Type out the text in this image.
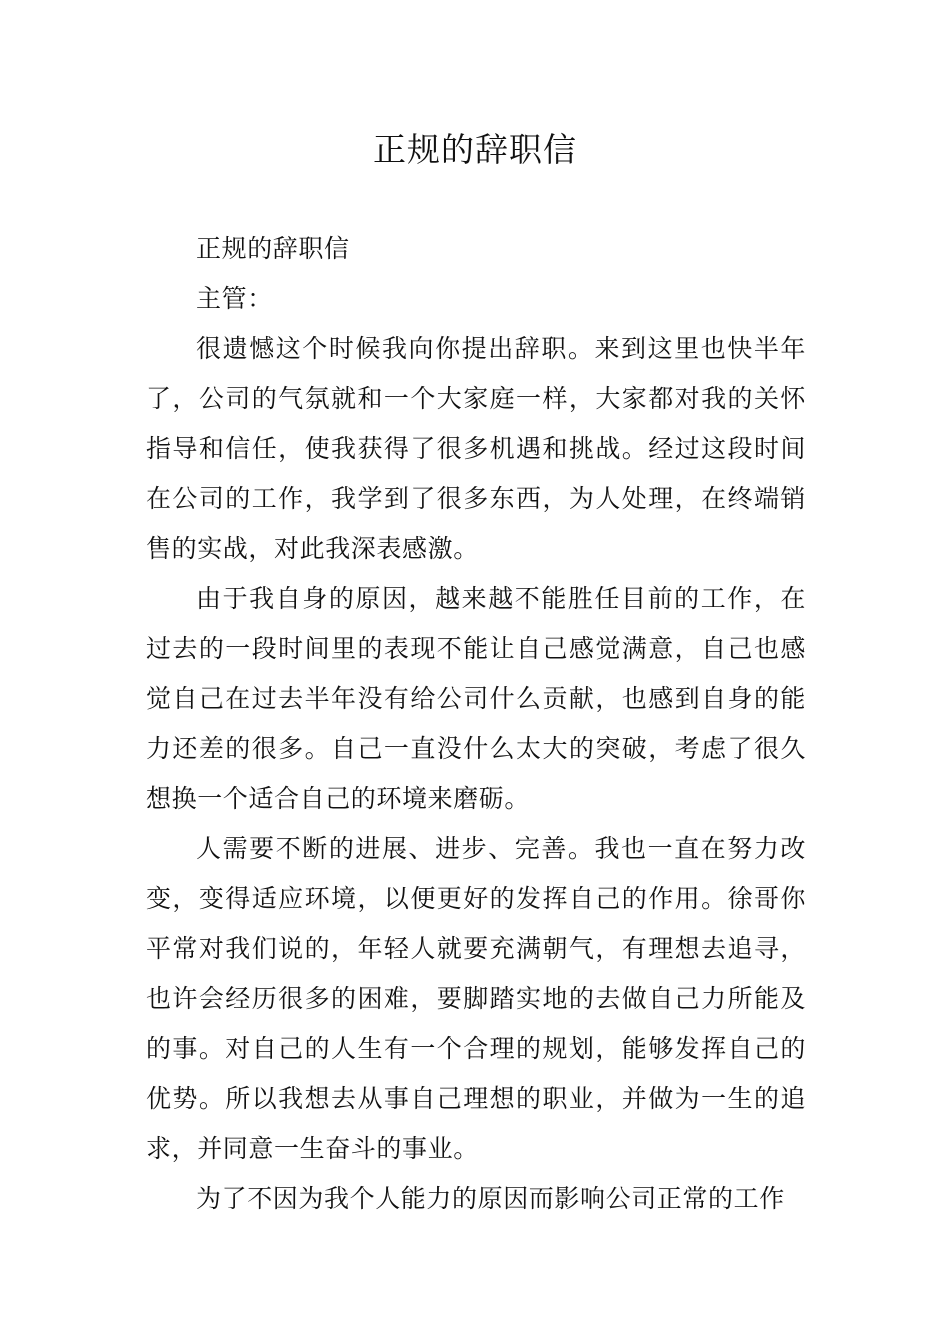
正规的辞职信

正规的辞职信

主管：

很遗憾这个时候我向你提出辞职。来到这里也快半年了，公司的气氛就和一个大家庭一样，大家都对我的关怀指导和信任，使我获得了很多机遇和挑战。经过这段时间在公司的工作，我学到了很多东西，为人处理，在终端销售的实战，对此我深表感激。

由于我自身的原因，越来越不能胜任目前的工作，在过去的一段时间里的表现不能让自己感觉满意，自己也感觉自己在过去半年没有给公司什么贡献，也感到自身的能力还差的很多。自己一直没什么太大的突破，考虑了很久想换一个适合自己的环境来磨砺。

人需要不断的进展、进步、完善。我也一直在努力改变，变得适应环境，以便更好的发挥自己的作用。徐哥你平常对我们说的，年轻人就要充满朝气，有理想去追寻，也许会经历很多的困难，要脚踏实地的去做自己力所能及的事。对自己的人生有一个合理的规划，能够发挥自己的优势。所以我想去从事自己理想的职业，并做为一生的追求，并同意一生奋斗的事业。

为了不因为我个人能力的原因而影响公司正常的工作
